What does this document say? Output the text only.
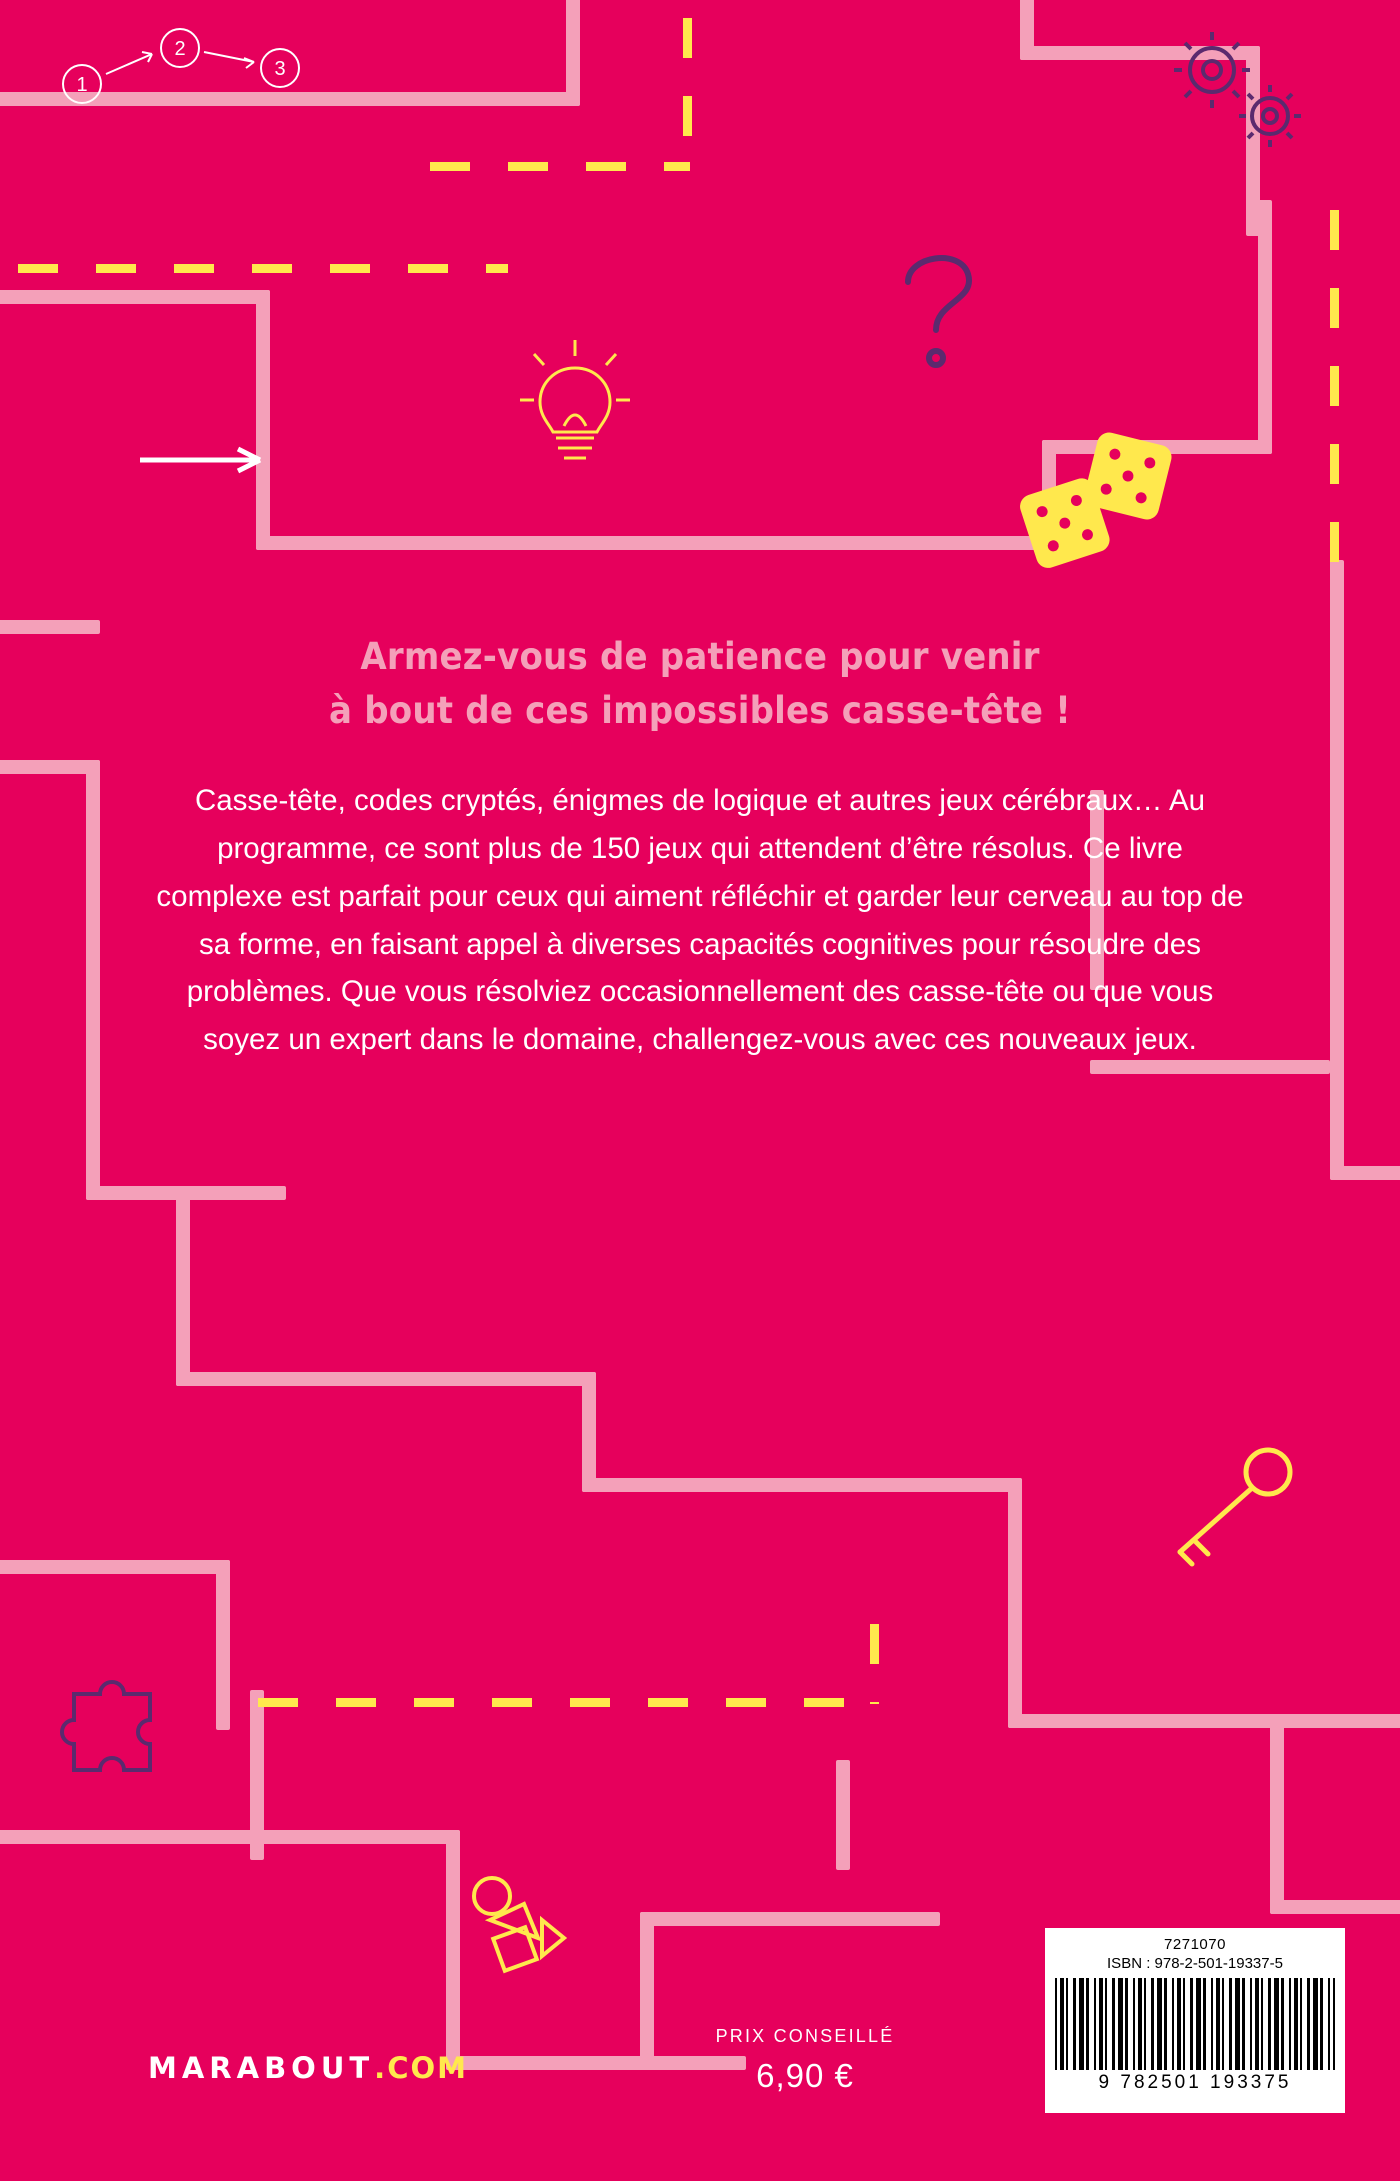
1
2
3
Armez-vous de patience pour venir
à bout de ces impossibles casse-tête !

Casse-tête, codes cryptés, énigmes de logique et autres jeux cérébraux… Au programme, ce sont plus de 150 jeux qui attendent d’être résolus. Ce livre complexe est parfait pour ceux qui aiment réfléchir et garder leur cerveau au top de sa forme, en faisant appel à diverses capacités cognitives pour résoudre des problèmes. Que vous résolviez occasionnellement des casse-tête ou que vous soyez un expert dans le domaine, challengez-vous avec ces nouveaux jeux.

MARABOUT.COM
PRIX CONSEILLÉ
6,90 €
7271070
ISBN : 978-2-501-19337-5
9 782501 193375
